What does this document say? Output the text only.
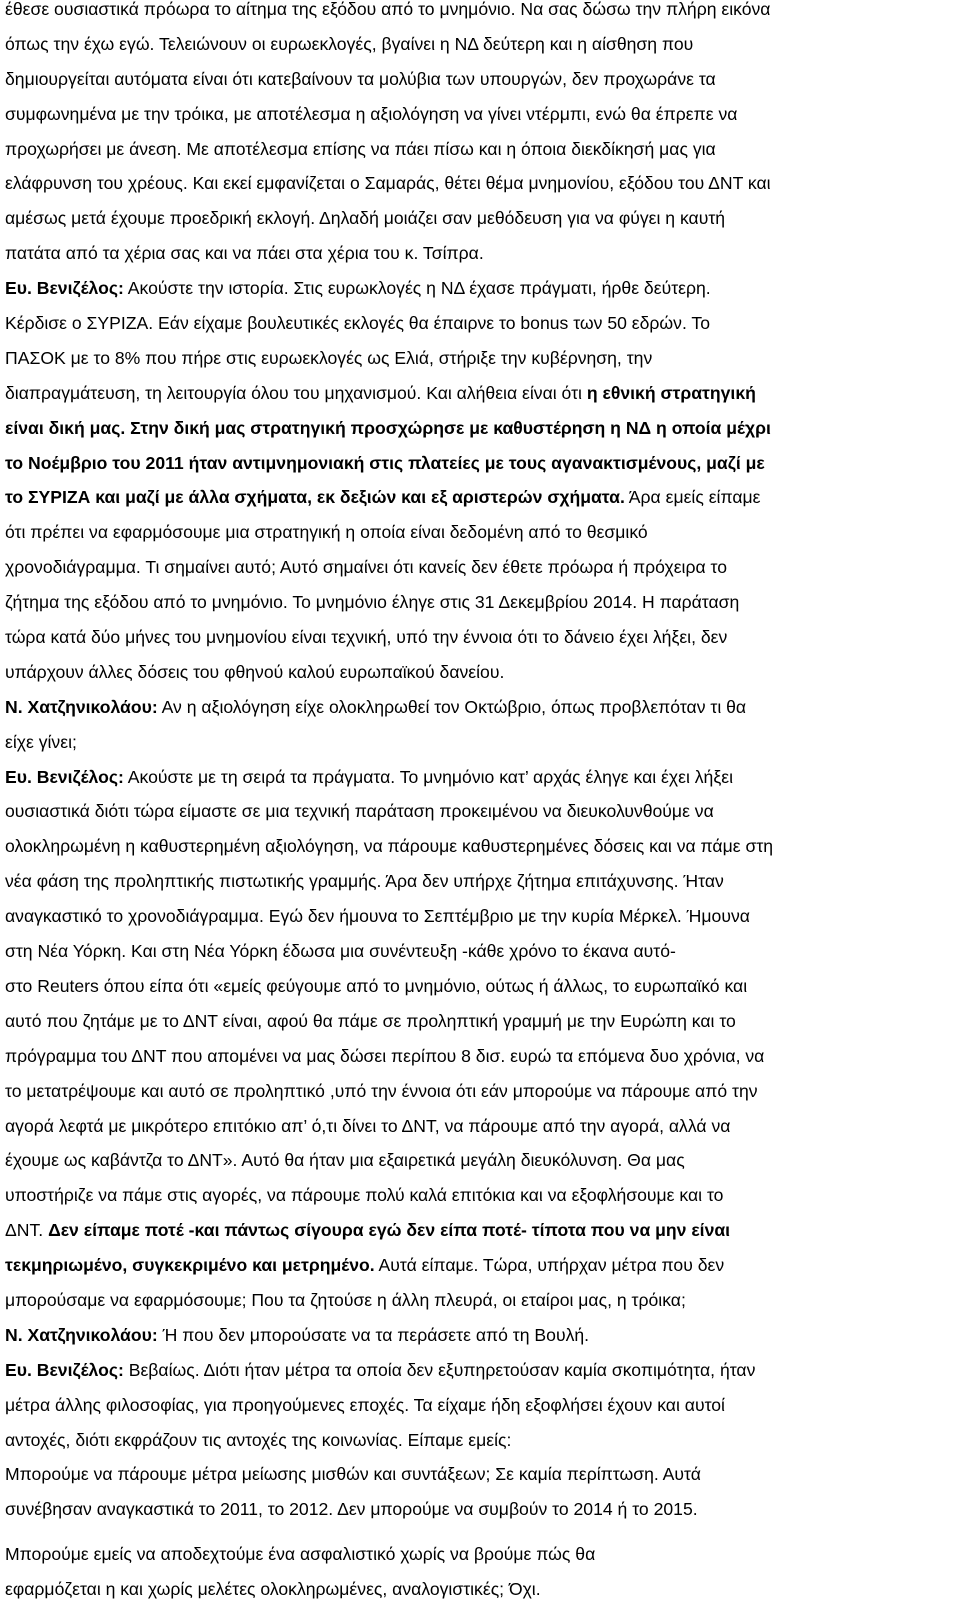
έθεσε ουσιαστικά πρόωρα το αίτημα της εξόδου από το μνημόνιο. Να σας δώσω την πλήρη εικόνα
όπως την έχω εγώ. Τελειώνουν οι ευρωεκλογές, βγαίνει η ΝΔ δεύτερη και η αίσθηση που
δημιουργείται αυτόματα είναι ότι κατεβαίνουν τα μολύβια των υπουργών, δεν προχωράνε τα
συμφωνημένα με την τρόικα, με αποτέλεσμα η αξιολόγηση να γίνει ντέρμπι, ενώ θα έπρεπε να
προχωρήσει με άνεση. Με αποτέλεσμα επίσης να πάει πίσω και η όποια διεκδίκησή μας για
ελάφρυνση του χρέους. Και εκεί εμφανίζεται ο Σαμαράς, θέτει θέμα μνημονίου, εξόδου του ΔΝΤ και
αμέσως μετά έχουμε προεδρική εκλογή. Δηλαδή μοιάζει σαν μεθόδευση για να φύγει η καυτή
πατάτα από τα χέρια σας και να πάει στα χέρια του κ. Τσίπρα.
Ευ. Βενιζέλος: Ακούστε την ιστορία. Στις ευρωκλογές η ΝΔ έχασε πράγματι, ήρθε δεύτερη.
Κέρδισε ο ΣΥΡΙΖΑ. Εάν είχαμε βουλευτικές εκλογές θα έπαιρνε το bonus των 50 εδρών. Το
ΠΑΣΟΚ με το 8% που πήρε στις ευρωεκλογές ως Ελιά, στήριξε την κυβέρνηση, την
διαπραγμάτευση, τη λειτουργία όλου του μηχανισμού. Και αλήθεια είναι ότι η εθνική στρατηγική
είναι δική μας. Στην δική μας στρατηγική προσχώρησε με καθυστέρηση η ΝΔ η οποία μέχρι
το Νοέμβριο του 2011 ήταν αντιμνημονιακή στις πλατείες με τους αγανακτισμένους, μαζί με
το ΣΥΡΙΖΑ και μαζί με άλλα σχήματα, εκ δεξιών και εξ αριστερών σχήματα. Άρα εμείς είπαμε
ότι πρέπει να εφαρμόσουμε μια στρατηγική η οποία είναι δεδομένη από το θεσμικό
χρονοδιάγραμμα. Τι σημαίνει αυτό; Αυτό σημαίνει ότι κανείς δεν έθετε πρόωρα ή πρόχειρα το
ζήτημα της εξόδου από το μνημόνιο. Το μνημόνιο έληγε στις 31 Δεκεμβρίου 2014. Η παράταση
τώρα κατά δύο μήνες του μνημονίου είναι τεχνική, υπό την έννοια ότι το δάνειο έχει λήξει, δεν
υπάρχουν άλλες δόσεις του φθηνού καλού ευρωπαϊκού δανείου.
Ν. Χατζηνικολάου: Αν η αξιολόγηση είχε ολοκληρωθεί τον Οκτώβριο, όπως προβλεπόταν τι θα
είχε γίνει;
Ευ. Βενιζέλος: Ακούστε με τη σειρά τα πράγματα. Το μνημόνιο κατ’ αρχάς έληγε και έχει λήξει
ουσιαστικά διότι τώρα είμαστε σε μια τεχνική παράταση προκειμένου να διευκολυνθούμε να
ολοκληρωμένη η καθυστερημένη αξιολόγηση, να πάρουμε καθυστερημένες δόσεις και να πάμε στη
νέα φάση της προληπτικής πιστωτικής γραμμής. Άρα δεν υπήρχε ζήτημα επιτάχυνσης. Ήταν
αναγκαστικό το χρονοδιάγραμμα. Εγώ δεν ήμουνα το Σεπτέμβριο με την κυρία Μέρκελ. Ήμουνα
στη Νέα Υόρκη. Και στη Νέα Υόρκη έδωσα μια συνέντευξη -κάθε χρόνο το έκανα αυτό-
στο Reuters όπου είπα ότι «εμείς φεύγουμε από το μνημόνιο, ούτως ή άλλως, το ευρωπαϊκό και
αυτό που ζητάμε με το ΔΝΤ είναι, αφού θα πάμε σε προληπτική γραμμή με την Ευρώπη και το
πρόγραμμα του ΔΝΤ που απομένει να μας δώσει περίπου 8 δισ. ευρώ τα επόμενα δυο χρόνια, να
το μετατρέψουμε και αυτό σε προληπτικό ,υπό την έννοια ότι εάν μπορούμε να πάρουμε από την
αγορά λεφτά με μικρότερο επιτόκιο απ’ ό,τι δίνει το ΔΝΤ, να πάρουμε από την αγορά, αλλά να
έχουμε ως καβάντζα το ΔΝΤ». Αυτό θα ήταν μια εξαιρετικά μεγάλη διευκόλυνση. Θα μας
υποστήριζε να πάμε στις αγορές, να πάρουμε πολύ καλά επιτόκια και να εξοφλήσουμε και το
ΔΝΤ. Δεν είπαμε ποτέ -και πάντως σίγουρα εγώ δεν είπα ποτέ- τίποτα που να μην είναι
τεκμηριωμένο, συγκεκριμένο και μετρημένο. Αυτά είπαμε. Τώρα, υπήρχαν μέτρα που δεν
μπορούσαμε να εφαρμόσουμε; Που τα ζητούσε η άλλη πλευρά, οι εταίροι μας, η τρόικα;
Ν. Χατζηνικολάου: Ή που δεν μπορούσατε να τα περάσετε από τη Βουλή.
Ευ. Βενιζέλος: Βεβαίως. Διότι ήταν μέτρα τα οποία δεν εξυπηρετούσαν καμία σκοπιμότητα, ήταν
μέτρα άλλης φιλοσοφίας, για προηγούμενες εποχές. Τα είχαμε ήδη εξοφλήσει έχουν και αυτοί
αντοχές, διότι εκφράζουν τις αντοχές της κοινωνίας. Είπαμε εμείς:
Μπορούμε να πάρουμε μέτρα μείωσης μισθών και συντάξεων; Σε καμία περίπτωση. Αυτά
συνέβησαν αναγκαστικά το 2011, το 2012. Δεν μπορούμε να συμβούν το 2014 ή το 2015.
Μπορούμε εμείς να αποδεχτούμε ένα ασφαλιστικό χωρίς να βρούμε πώς θα
εφαρμόζεται η και χωρίς μελέτες ολοκληρωμένες, αναλογιστικές; Όχι.
